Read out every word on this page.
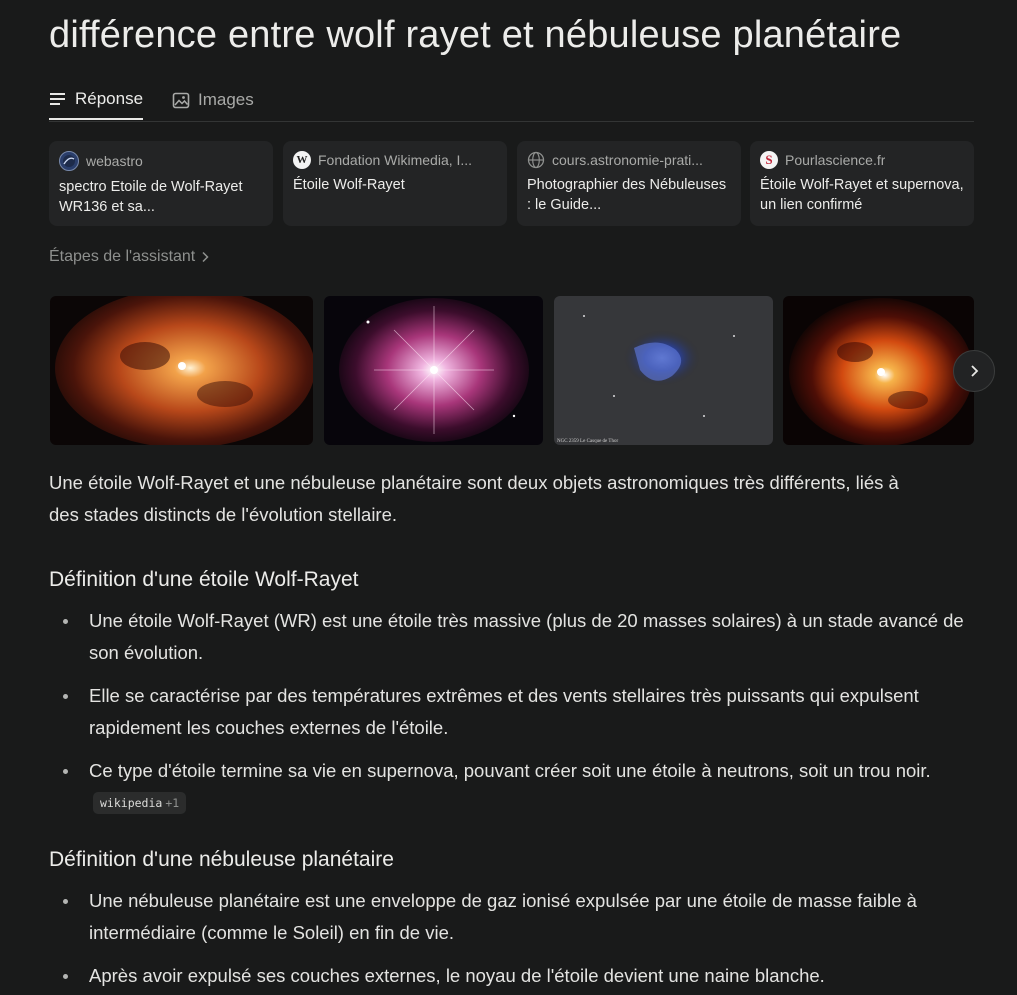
différence entre wolf rayet et nébuleuse planétaire
Réponse	Images
webastro
spectro Etoile de Wolf-Rayet WR136 et sa...
W Fondation Wikimedia, I...
Étoile Wolf-Rayet
cours.astronomie-prati...
Photographier des Nébuleuses : le Guide...
S Pourlascience.fr
Étoile Wolf-Rayet et supernova, un lien confirmé
Étapes de l'assistant
NGC 2359 Le Casque de Thor

Une étoile Wolf-Rayet et une nébuleuse planétaire sont deux objets astronomiques très différents, liés à des stades distincts de l'évolution stellaire.

Définition d'une étoile Wolf-Rayet
Une étoile Wolf-Rayet (WR) est une étoile très massive (plus de 20 masses solaires) à un stade avancé de son évolution.
Elle se caractérise par des températures extrêmes et des vents stellaires très puissants qui expulsent rapidement les couches externes de l'étoile.
Ce type d'étoile termine sa vie en supernova, pouvant créer soit une étoile à neutrons, soit un trou noir. wikipedia +1
Définition d'une nébuleuse planétaire
Une nébuleuse planétaire est une enveloppe de gaz ionisé expulsée par une étoile de masse faible à intermédiaire (comme le Soleil) en fin de vie.
Après avoir expulsé ses couches externes, le noyau de l'étoile devient une naine blanche.
